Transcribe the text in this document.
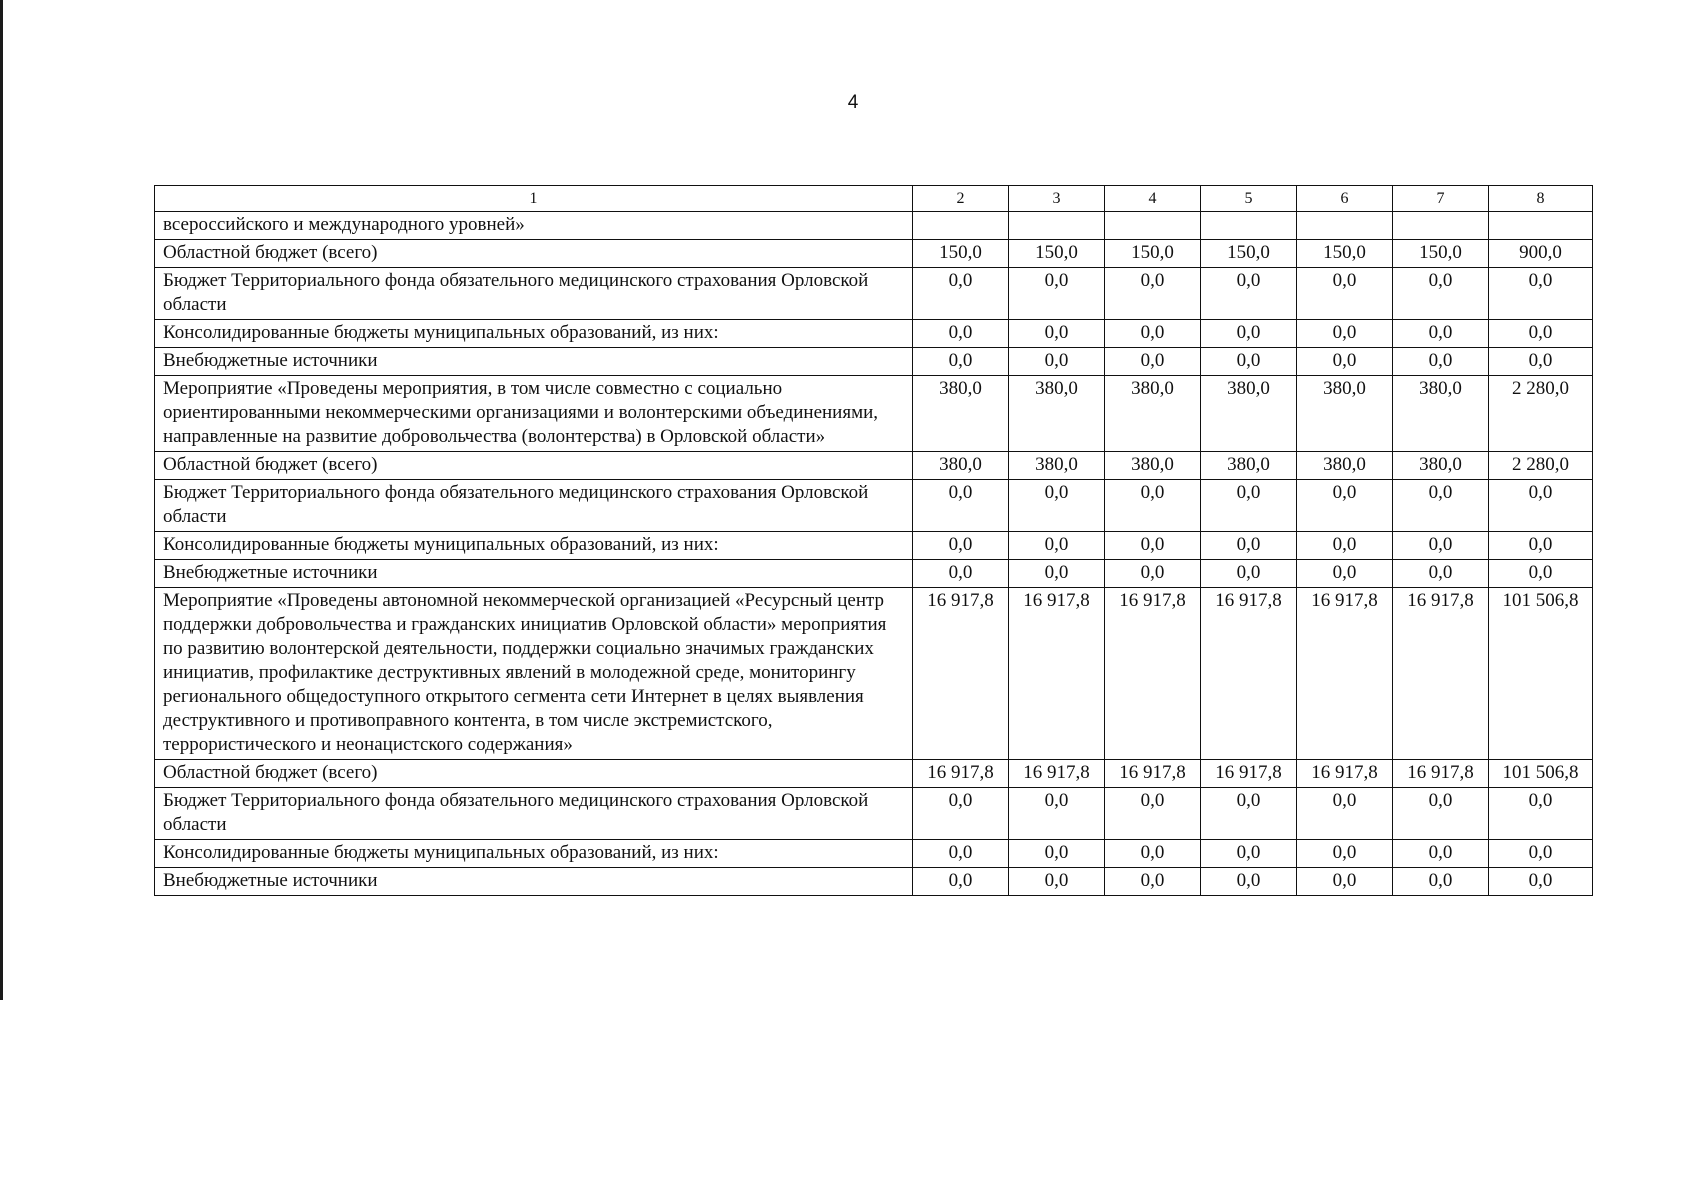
4
1	2	3	4	5	6	7	8
всероссийского и международного уровней»							
Областной бюджет (всего)	150,0	150,0	150,0	150,0	150,0	150,0	900,0
Бюджет Территориального фонда обязательного медицинского страхования Орловской области	0,0	0,0	0,0	0,0	0,0	0,0	0,0
Консолидированные бюджеты муниципальных образований, из них:	0,0	0,0	0,0	0,0	0,0	0,0	0,0
Внебюджетные источники	0,0	0,0	0,0	0,0	0,0	0,0	0,0
Мероприятие «Проведены мероприятия, в том числе совместно с социально ориентированными некоммерческими организациями и волонтерскими объединениями, направленные на развитие добровольчества (волонтерства) в Орловской области»	380,0	380,0	380,0	380,0	380,0	380,0	2 280,0
Областной бюджет (всего)	380,0	380,0	380,0	380,0	380,0	380,0	2 280,0
Бюджет Территориального фонда обязательного медицинского страхования Орловской области	0,0	0,0	0,0	0,0	0,0	0,0	0,0
Консолидированные бюджеты муниципальных образований, из них:	0,0	0,0	0,0	0,0	0,0	0,0	0,0
Внебюджетные источники	0,0	0,0	0,0	0,0	0,0	0,0	0,0
Мероприятие «Проведены автономной некоммерческой организацией «Ресурсный центр поддержки добровольчества и гражданских инициатив Орловской области» мероприятия по развитию волонтерской деятельности, поддержки социально значимых гражданских инициатив, профилактике деструктивных явлений в молодежной среде, мониторингу регионального общедоступного открытого сегмента сети Интернет в целях выявления деструктивного и противоправного контента, в том числе экстремистского, террористического и неонацистского содержания»	16 917,8	16 917,8	16 917,8	16 917,8	16 917,8	16 917,8	101 506,8
Областной бюджет (всего)	16 917,8	16 917,8	16 917,8	16 917,8	16 917,8	16 917,8	101 506,8
Бюджет Территориального фонда обязательного медицинского страхования Орловской области	0,0	0,0	0,0	0,0	0,0	0,0	0,0
Консолидированные бюджеты муниципальных образований, из них:	0,0	0,0	0,0	0,0	0,0	0,0	0,0
Внебюджетные источники	0,0	0,0	0,0	0,0	0,0	0,0	0,0
